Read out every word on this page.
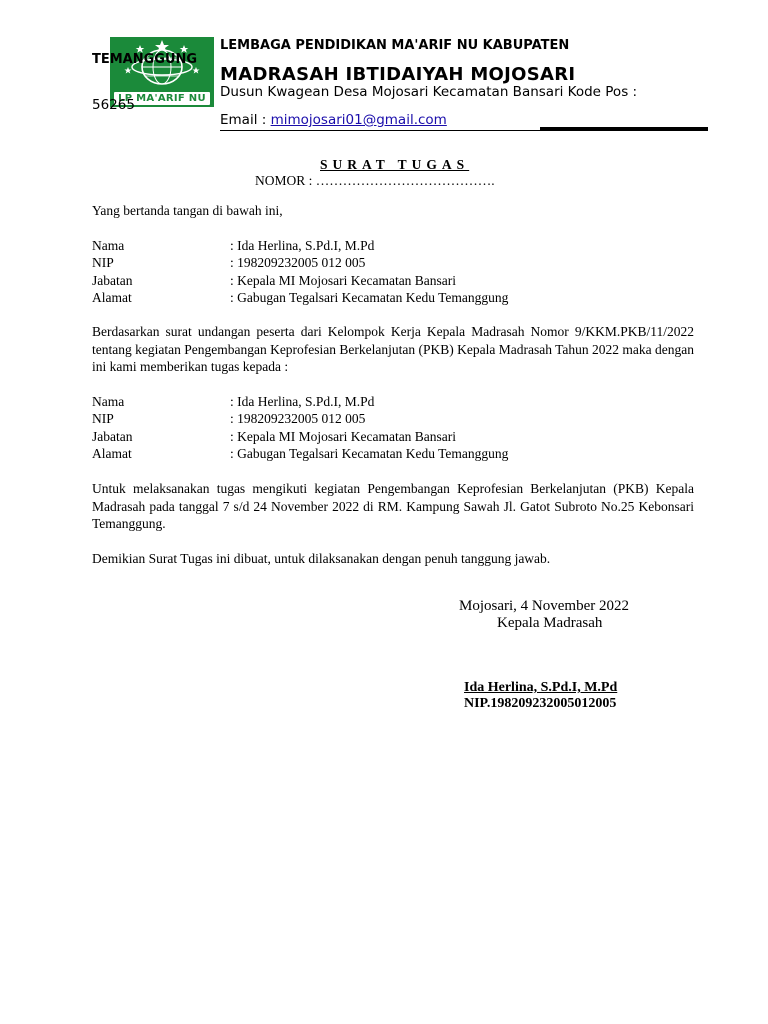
LP MA'ARIF NU
LEMBAGA PENDIDIKAN MA'ARIF NU KABUPATEN
TEMANGGUNG
MADRASAH IBTIDAIYAH MOJOSARI
Dusun Kwagean Desa Mojosari Kecamatan Bansari Kode Pos :
56265
Email : mimojosari01@gmail.com
SURAT TUGAS
NOMOR : ………………………………….
Yang bertanda tangan di bawah ini,
Nama	: Ida Herlina, S.Pd.I, M.Pd
NIP	: 198209232005 012 005
Jabatan	: Kepala MI Mojosari Kecamatan Bansari
Alamat	: Gabugan Tegalsari Kecamatan Kedu Temanggung
Berdasarkan surat undangan peserta dari Kelompok Kerja Kepala Madrasah Nomor 9/KKM.PKB/11/2022 tentang kegiatan Pengembangan Keprofesian Berkelanjutan (PKB) Kepala Madrasah Tahun 2022 maka dengan ini kami memberikan tugas kepada :
Nama	: Ida Herlina, S.Pd.I, M.Pd
NIP	: 198209232005 012 005
Jabatan	: Kepala MI Mojosari Kecamatan Bansari
Alamat	: Gabugan Tegalsari Kecamatan Kedu Temanggung
Untuk melaksanakan tugas mengikuti kegiatan Pengembangan Keprofesian Berkelanjutan (PKB) Kepala Madrasah pada tanggal 7 s/d 24 November 2022 di RM. Kampung Sawah Jl. Gatot Subroto No.25 Kebonsari Temanggung.
Demikian Surat Tugas ini dibuat, untuk dilaksanakan dengan penuh tanggung jawab.
Mojosari, 4 November 2022
Kepala Madrasah
Ida Herlina, S.Pd.I, M.Pd
NIP.198209232005012005
